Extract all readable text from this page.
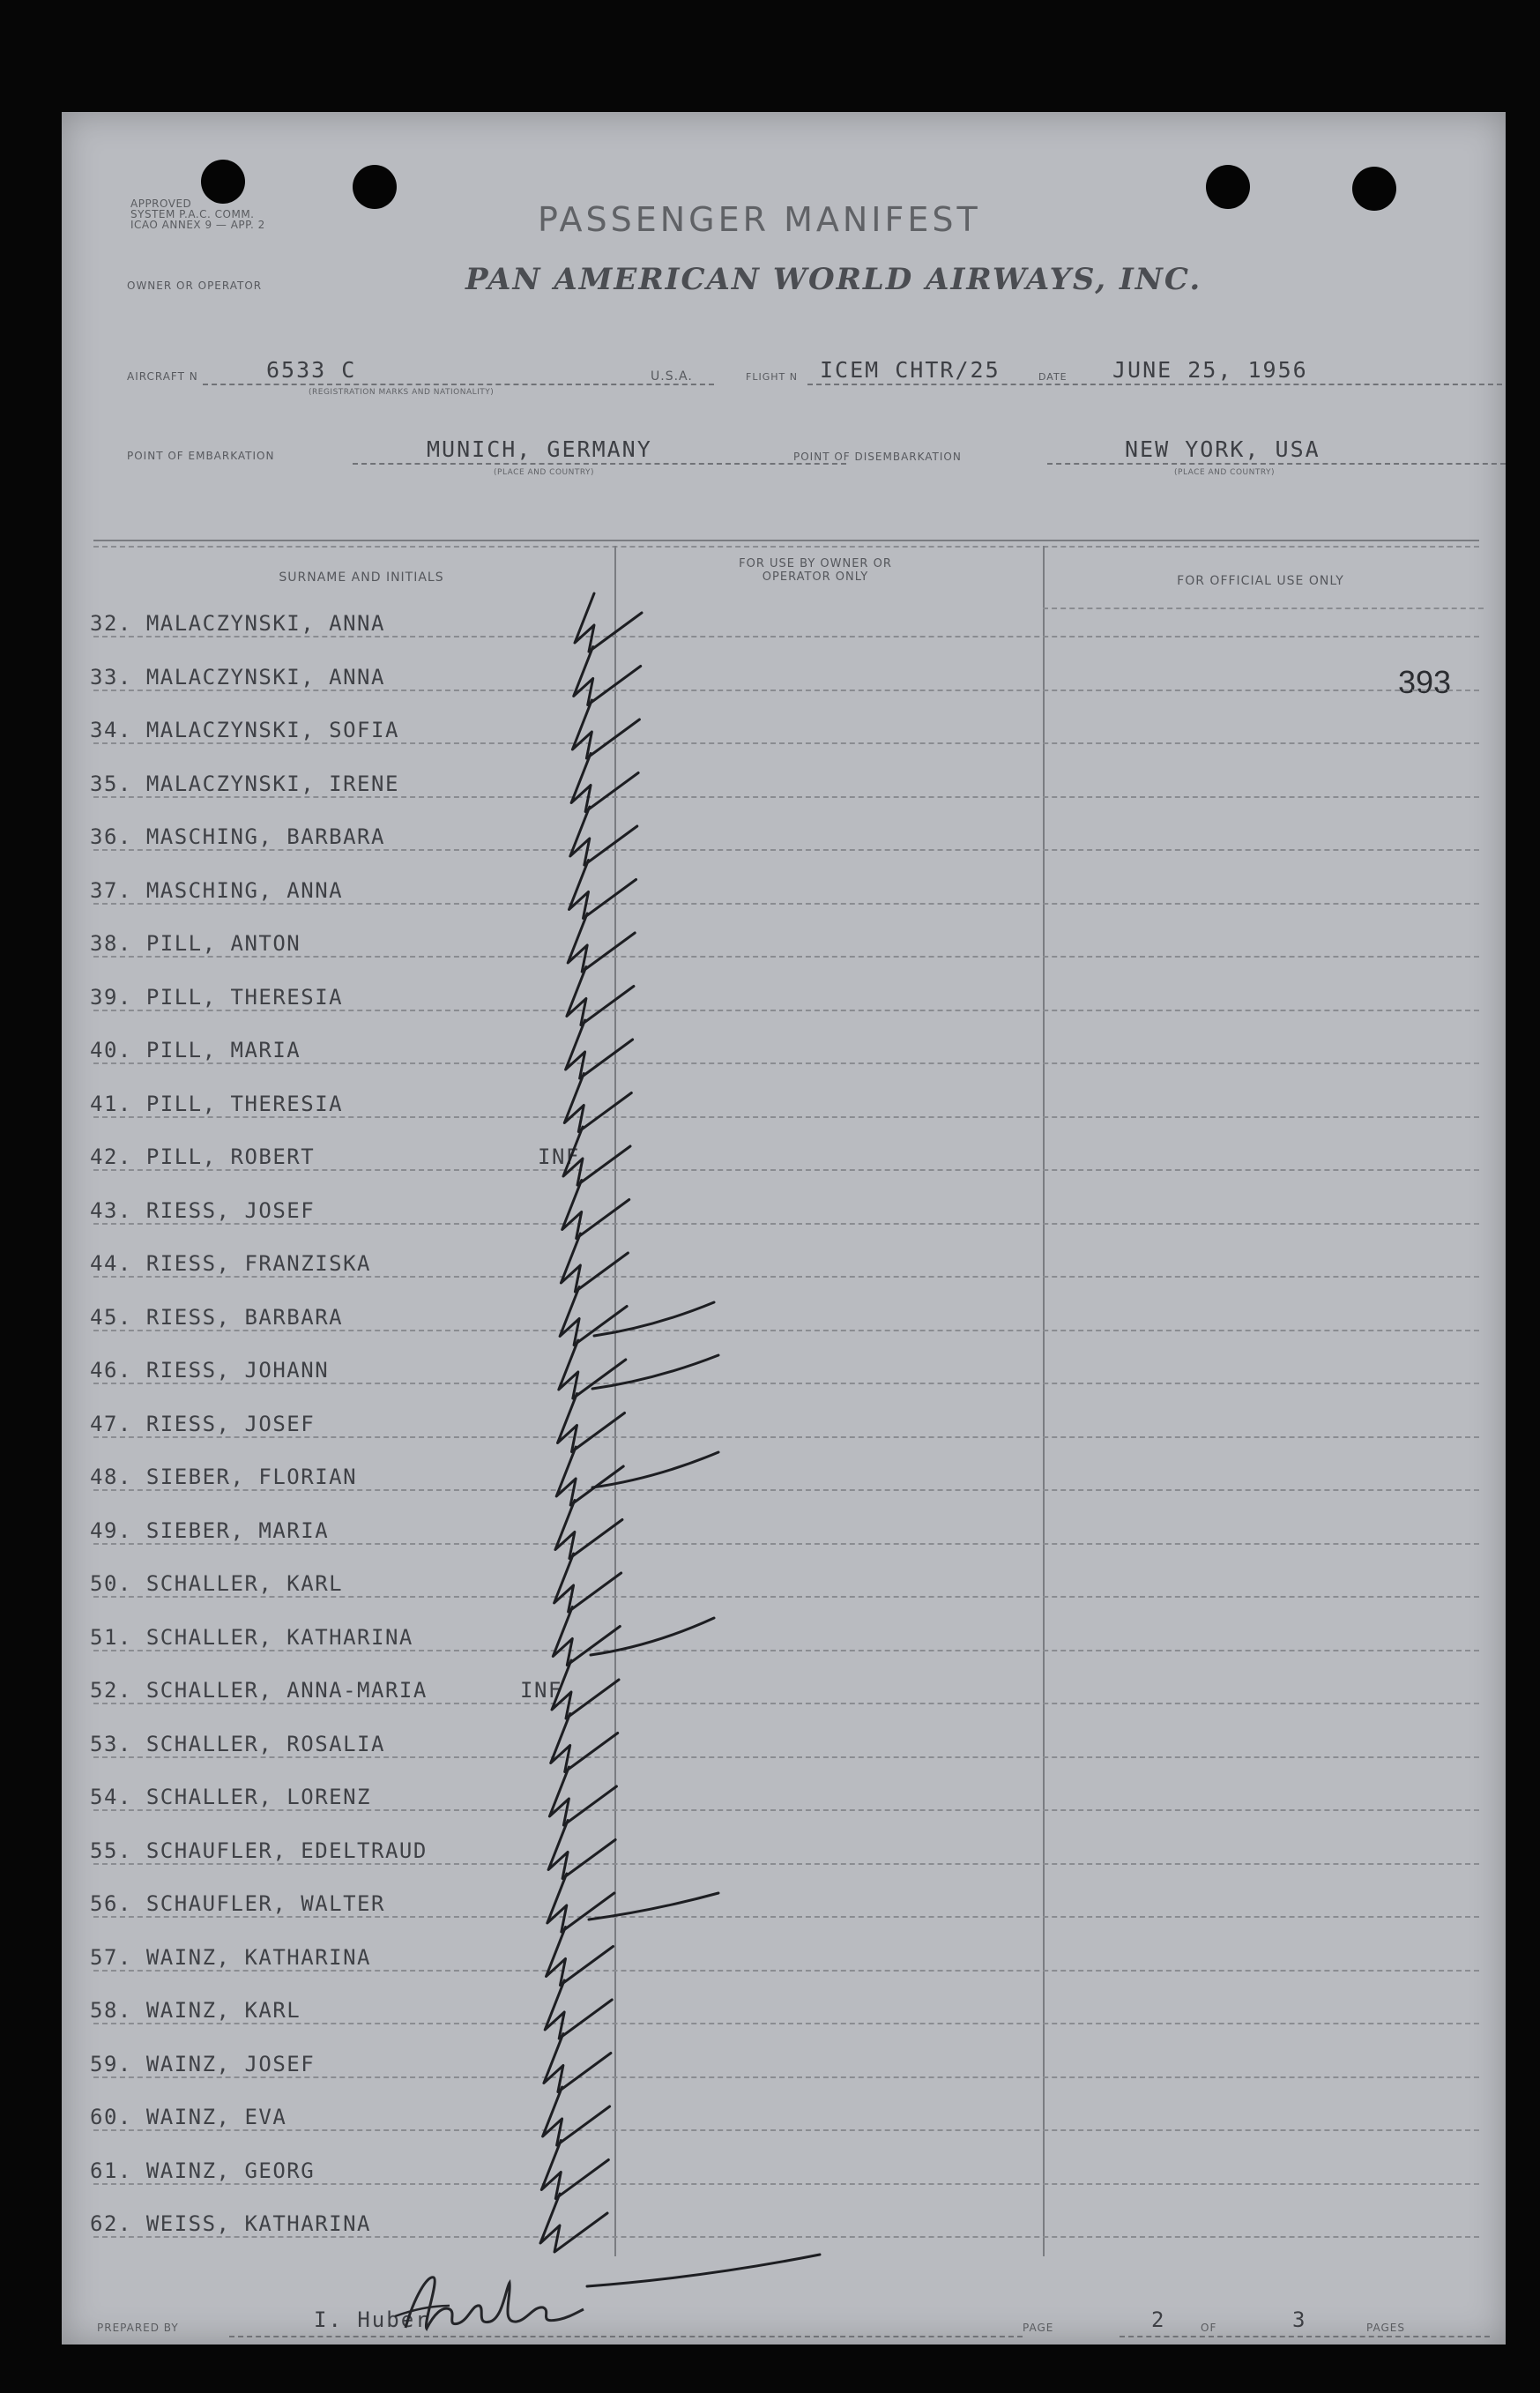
APPROVED
SYSTEM P.A.C. COMM.
ICAO ANNEX 9 — APP. 2	PASSENGER MANIFEST
OWNER OR OPERATOR	PAN AMERICAN WORLD AIRWAYS, INC.
AIRCRAFT N	6533 C
(REGISTRATION MARKS AND NATIONALITY)
U.S.A.	FLIGHT N ICEM CHTR/25	DATE JUNE 25, 1956
POINT OF EMBARKATION	MUNICH, GERMANY
(PLACE AND COUNTRY)
POINT OF DISEMBARKATION	NEW YORK, USA
(PLACE AND COUNTRY)
SURNAME AND INITIALS
FOR USE BY OWNER OR OPERATOR ONLY	FOR OFFICIAL USE ONLY
393
32. MALACZYNSKI, ANNA
33. MALACZYNSKI, ANNA
34. MALACZYNSKI, SOFIA
35. MALACZYNSKI, IRENE
36. MASCHING, BARBARA
37. MASCHING, ANNA
38. PILL, ANTON
39. PILL, THERESIA
40. PILL, MARIA
41. PILL, THERESIA
42. PILL, ROBERT	INF
43. RIESS, JOSEF
44. RIESS, FRANZISKA
45. RIESS, BARBARA
46. RIESS, JOHANN
47. RIESS, JOSEF
48. SIEBER, FLORIAN
49. SIEBER, MARIA
50. SCHALLER, KARL
51. SCHALLER, KATHARINA
52. SCHALLER, ANNA-MARIA	INF
53. SCHALLER, ROSALIA
54. SCHALLER, LORENZ
55. SCHAUFLER, EDELTRAUD
56. SCHAUFLER, WALTER
57. WAINZ, KATHARINA
58. WAINZ, KARL
59. WAINZ, JOSEF
60. WAINZ, EVA
61. WAINZ, GEORG
62. WEISS, KATHARINA
PREPARED BY	I. Huber	PAGE	2	OF	3	PAGES
